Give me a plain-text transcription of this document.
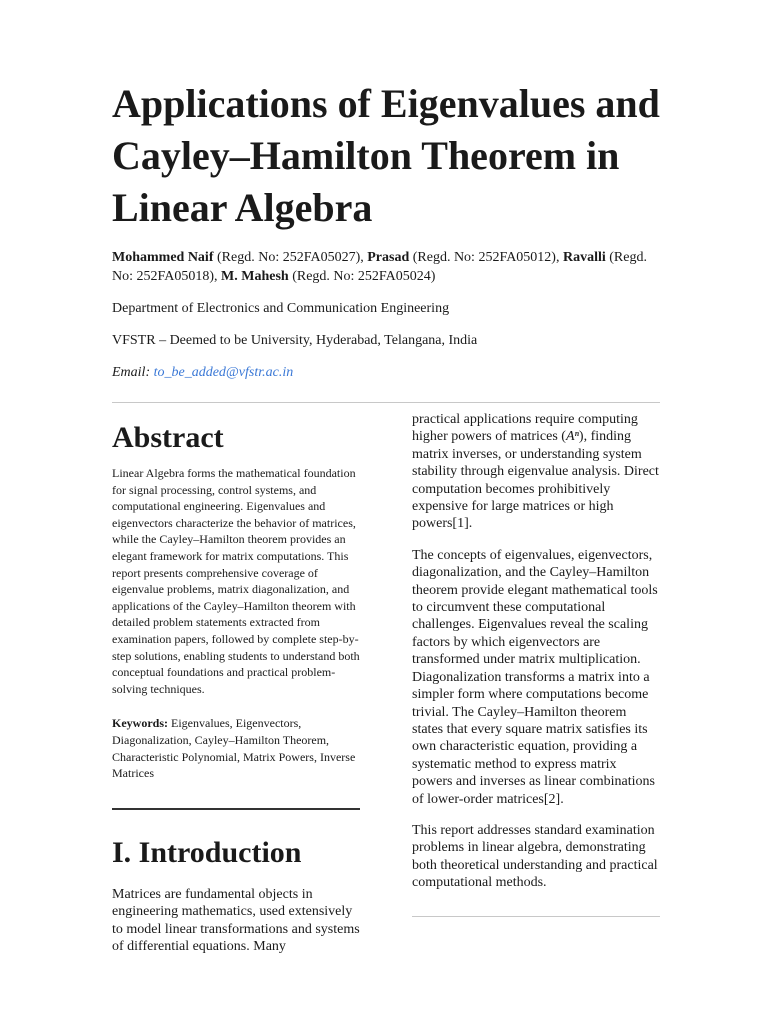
Applications of Eigenvalues and Cayley–Hamilton Theorem in Linear Algebra
Mohammed Naif (Regd. No: 252FA05027), Prasad (Regd. No: 252FA05012), Ravalli (Regd. No: 252FA05018), M. Mahesh (Regd. No: 252FA05024)
Department of Electronics and Communication Engineering
VFSTR – Deemed to be University, Hyderabad, Telangana, India
Email: to_be_added@vfstr.ac.in
Abstract

Linear Algebra forms the mathematical foundation for signal processing, control systems, and computational engineering. Eigenvalues and eigenvectors characterize the behavior of matrices, while the Cayley–Hamilton theorem provides an elegant framework for matrix computations. This report presents comprehensive coverage of eigenvalue problems, matrix diagonalization, and applications of the Cayley–Hamilton theorem with detailed problem statements extracted from examination papers, followed by complete step-by-step solutions, enabling students to understand both conceptual foundations and practical problem-solving techniques.

Keywords: Eigenvalues, Eigenvectors, Diagonalization, Cayley–Hamilton Theorem, Characteristic Polynomial, Matrix Powers, Inverse Matrices

I. Introduction

Matrices are fundamental objects in engineering mathematics, used extensively to model linear transformations and systems of differential equations. Many

practical applications require computing higher powers of matrices (Aⁿ), finding matrix inverses, or understanding system stability through eigenvalue analysis. Direct computation becomes prohibitively expensive for large matrices or high powers[1].

The concepts of eigenvalues, eigenvectors, diagonalization, and the Cayley–Hamilton theorem provide elegant mathematical tools to circumvent these computational challenges. Eigenvalues reveal the scaling factors by which eigenvectors are transformed under matrix multiplication. Diagonalization transforms a matrix into a simpler form where computations become trivial. The Cayley–Hamilton theorem states that every square matrix satisfies its own characteristic equation, providing a systematic method to express matrix powers and inverses as linear combinations of lower-order matrices[2].

This report addresses standard examination problems in linear algebra, demonstrating both theoretical understanding and practical computational methods.
